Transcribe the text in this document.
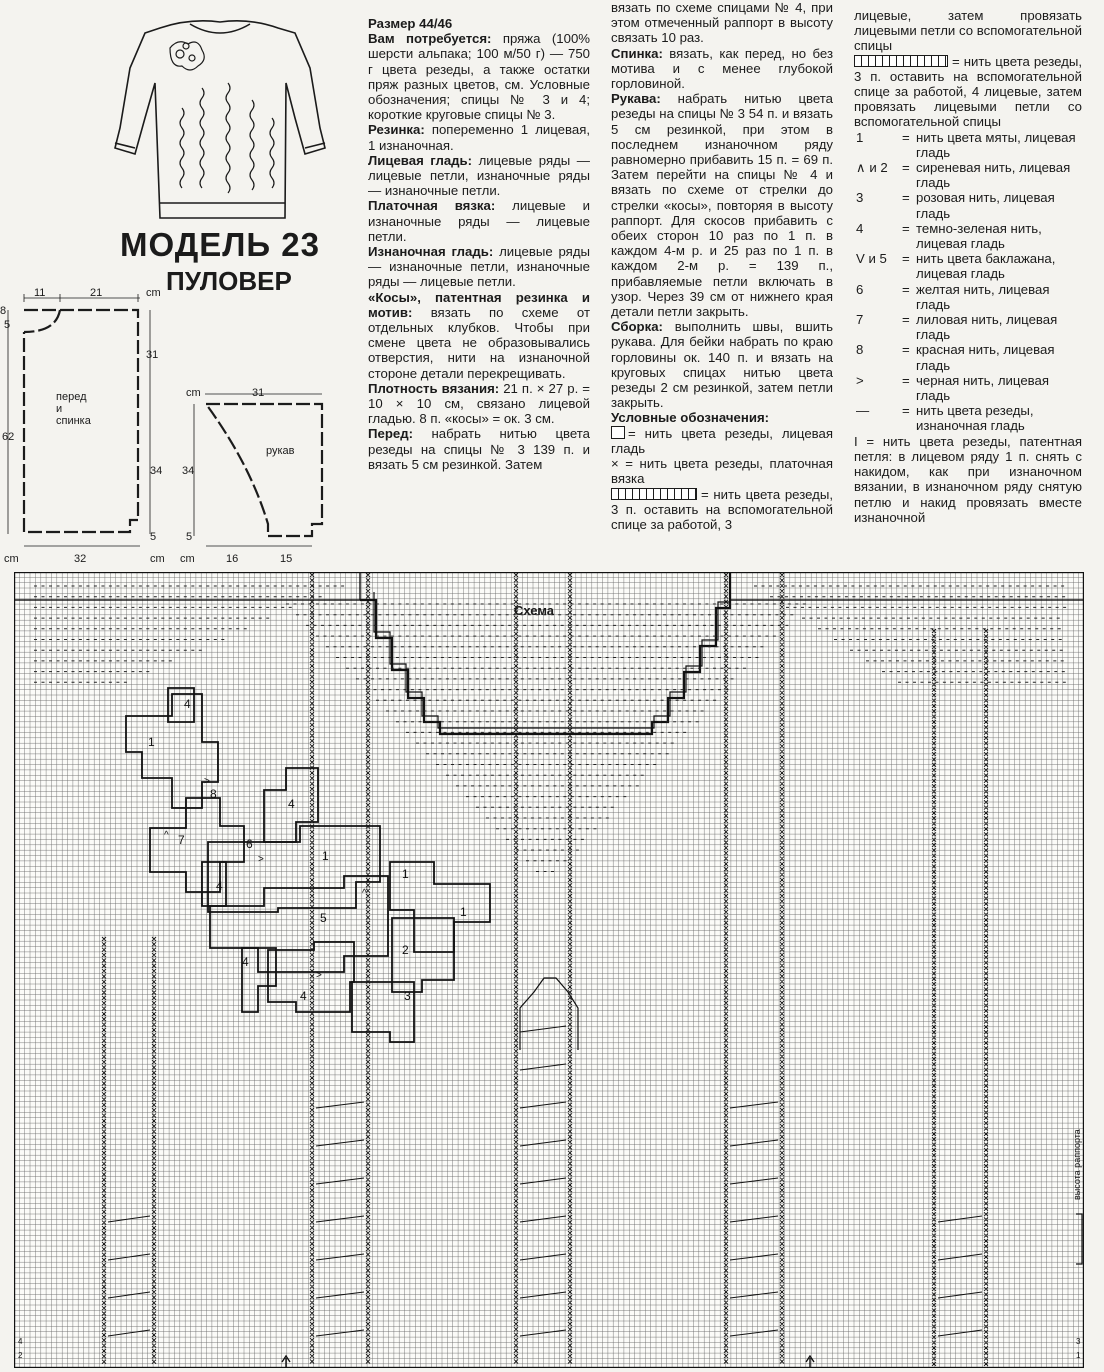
МОДЕЛЬ 23
ПУЛОВЕР
11	21	cm
8
5
31
62
34
5
32
cm
перед
и
спинка
cm	31
34
5
cm cm	16	15
рукав

Размер 44/46

Вам потребуется: пряжа (100% шерсти альпака; 100 м/50 г) — 750 г цвета резеды, а также остатки пряж разных цветов, см. Условные обозначения; спицы № 3 и 4; короткие круговые спицы № 3.

Резинка: попеременно 1 лицевая, 1 изнаночная.

Лицевая гладь: лицевые ряды — лицевые петли, изнаночные ряды — изнаночные петли.

Платочная вязка: лицевые и изнаночные ряды — лицевые петли.

Изнаночная гладь: лицевые ряды — изнаночные петли, изнаночные ряды — лицевые петли.

«Косы», патентная резинка и мотив: вязать по схеме от отдельных клубков. Чтобы при смене цвета не образовывались отверстия, нити на изнаночной стороне детали перекрещивать.

Плотность вязания: 21 п. × 27 р. = 10 × 10 см, связано лицевой гладью. 8 п. «косы» = ок. 3 см.

Перед: набрать нитью цвета резеды на спицы № 3 139 п. и вязать 5 см резинкой. Затем

вязать по схеме спицами № 4, при этом отмеченный раппорт в высоту связать 10 раз.

Спинка: вязать, как перед, но без мотива и с менее глубокой горловиной.

Рукава: набрать нитью цвета резеды на спицы № 3 54 п. и вязать 5 см резинкой, при этом в последнем изнаночном ряду равномерно прибавить 15 п. = 69 п. Затем перейти на спицы № 4 и вязать по схеме от стрелки до стрелки «косы», повторяя в высоту раппорт. Для скосов прибавить с обеих сторон 10 раз по 1 п. в каждом 4-м р. и 25 раз по 1 п. в каждом 2-м р. = 139 п., прибавляемые петли включать в узор. Через 39 см от нижнего края детали петли закрыть.

Сборка: выполнить швы, вшить рукава. Для бейки набрать по краю горловины ок. 140 п. и вязать на круговых спицах нитью цвета резеды 2 см резинкой, затем петли закрыть.

Условные обозначения:

= нить цвета резеды, лицевая гладь

× = нить цвета резеды, платочная вязка

= нить цвета резеды, 3 п. оставить на вспомогательной спице за работой, 3

лицевые, затем провязать лицевыми петли со вспомогательной спицы

= нить цвета резеды, 3 п. оставить на вспомогательной спице за работой, 4 лицевые, затем провязать лицевыми петли со вспомогательной спицы

1	= нить цвета мяты, лицевая гладь
∧ и 2	= сиреневая нить, лицевая гладь
3	= розовая нить, лицевая гладь
4	= темно-зеленая нить, лицевая гладь
V и 5	= нить цвета баклажана, лицевая гладь
6	= желтая нить, лицевая гладь
7	= лиловая нить, лицевая гладь
8	= красная нить, лицевая гладь
>	= черная нить, лицевая гладь
—	= нить цвета резеды, изнаночная гладь

I = нить цвета резеды, патентная петля: в лицевом ряду 1 п. снять с накидом, как при изнаночном вязании, в изнаночном ряду снятую петлю и накид провязать вместе изнаночной

1
4
8
4
7	6
1
1
4
4
5
2
1
4	3
^
>
>
^
>
высота раппорта
4
2
3
1
Схема
